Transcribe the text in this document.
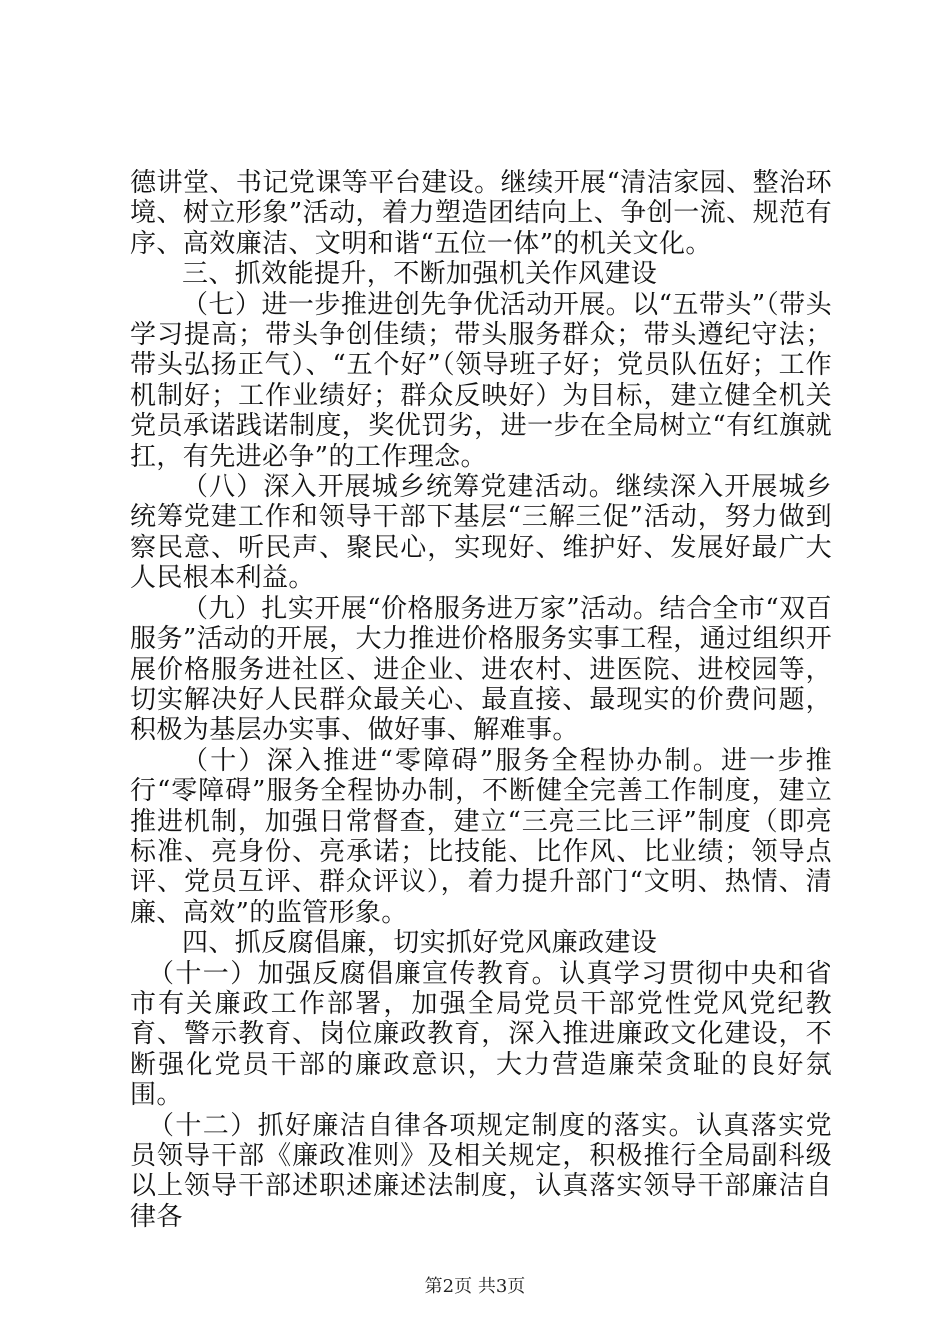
德讲堂、书记党课等平台建设。继续开展“清洁家园、整治环境、树立形象”活动，着力塑造团结向上、争创一流、规范有序、高效廉洁、文明和谐“五位一体”的机关文化。

三、抓效能提升，不断加强机关作风建设

（七）进一步推进创先争优活动开展。以“五带头”（带头学习提高；带头争创佳绩；带头服务群众；带头遵纪守法；带头弘扬正气）、“五个好”（领导班子好；党员队伍好；工作机制好；工作业绩好；群众反映好）为目标，建立健全机关党员承诺践诺制度，奖优罚劣，进一步在全局树立“有红旗就扛，有先进必争”的工作理念。

（八）深入开展城乡统筹党建活动。继续深入开展城乡统筹党建工作和领导干部下基层“三解三促”活动，努力做到察民意、听民声、聚民心，实现好、维护好、发展好最广大人民根本利益。

（九）扎实开展“价格服务进万家”活动。结合全市“双百服务”活动的开展，大力推进价格服务实事工程，通过组织开展价格服务进社区、进企业、进农村、进医院、进校园等，切实解决好人民群众最关心、最直接、最现实的价费问题，积极为基层办实事、做好事、解难事。

（十）深入推进“零障碍”服务全程协办制。进一步推行“零障碍”服务全程协办制，不断健全完善工作制度，建立推进机制，加强日常督查，建立“三亮三比三评”制度（即亮标准、亮身份、亮承诺；比技能、比作风、比业绩；领导点评、党员互评、群众评议），着力提升部门“文明、热情、清廉、高效”的监管形象。

四、抓反腐倡廉，切实抓好党风廉政建设

（十一）加强反腐倡廉宣传教育。认真学习贯彻中央和省市有关廉政工作部署，加强全局党员干部党性党风党纪教育、警示教育、岗位廉政教育，深入推进廉政文化建设，不断强化党员干部的廉政意识，大力营造廉荣贪耻的良好氛围。

（十二）抓好廉洁自律各项规定制度的落实。认真落实党员领导干部《廉政准则》及相关规定，积极推行全局副科级以上领导干部述职述廉述法制度，认真落实领导干部廉洁自律各

第2页 共3页
